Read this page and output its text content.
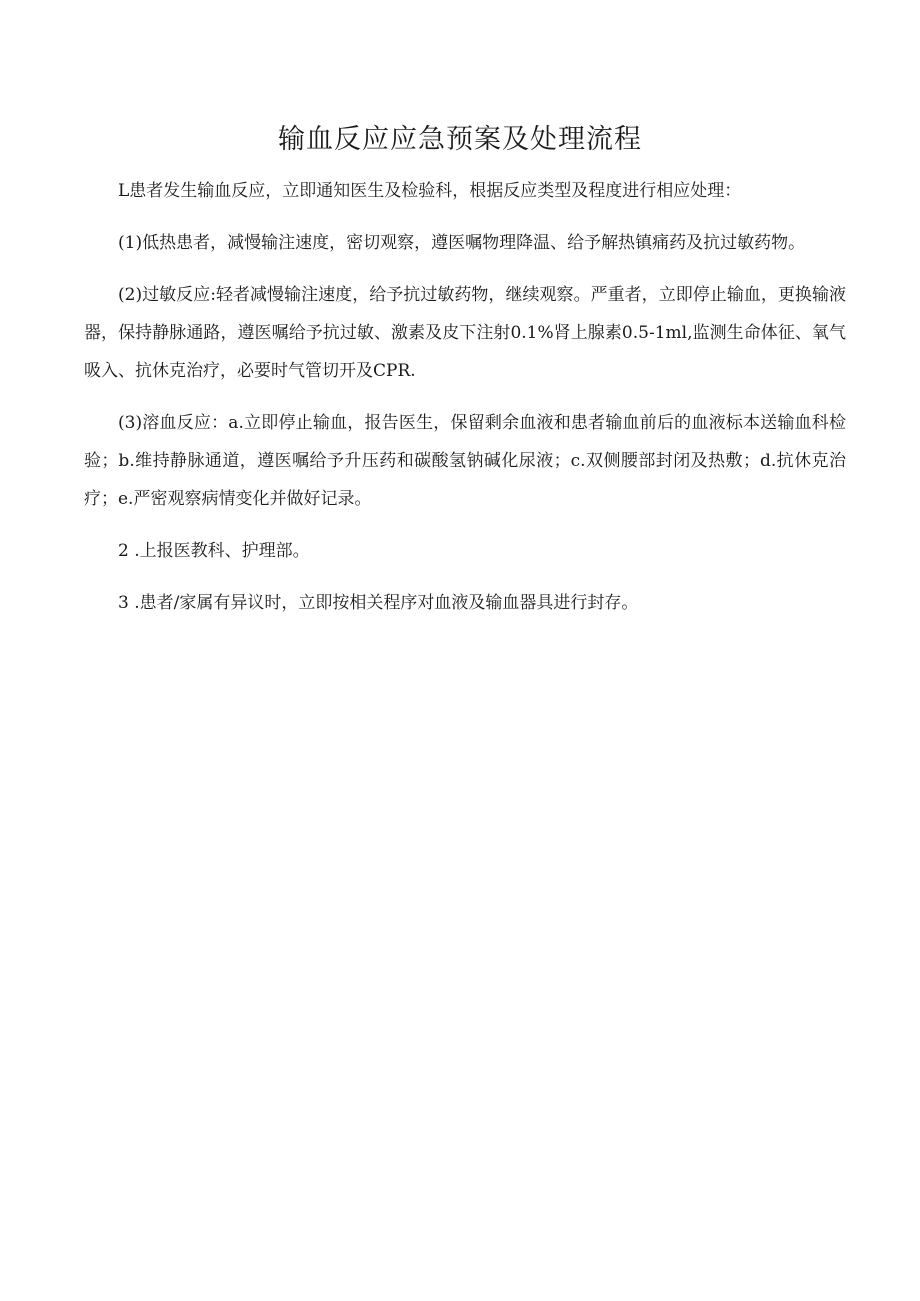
输血反应应急预案及处理流程

L患者发生输血反应，立即通知医生及检验科，根据反应类型及程度进行相应处理：

(1)低热患者，减慢输注速度，密切观察，遵医嘱物理降温、给予解热镇痛药及抗过敏药物。

(2)过敏反应:轻者减慢输注速度，给予抗过敏药物，继续观察。严重者，立即停止输血，更换输液器，保持静脉通路，遵医嘱给予抗过敏、激素及皮下注射0.1%肾上腺素0.5-1ml,监测生命体征、氧气吸入、抗休克治疗，必要时气管切开及CPR.

(3)溶血反应：a.立即停止输血，报告医生，保留剩余血液和患者输血前后的血液标本送输血科检验；b.维持静脉通道，遵医嘱给予升压药和碳酸氢钠碱化尿液；c.双侧腰部封闭及热敷；d.抗休克治疗；e.严密观察病情变化并做好记录。

2 .上报医教科、护理部。

3 .患者/家属有异议时，立即按相关程序对血液及输血器具进行封存。
